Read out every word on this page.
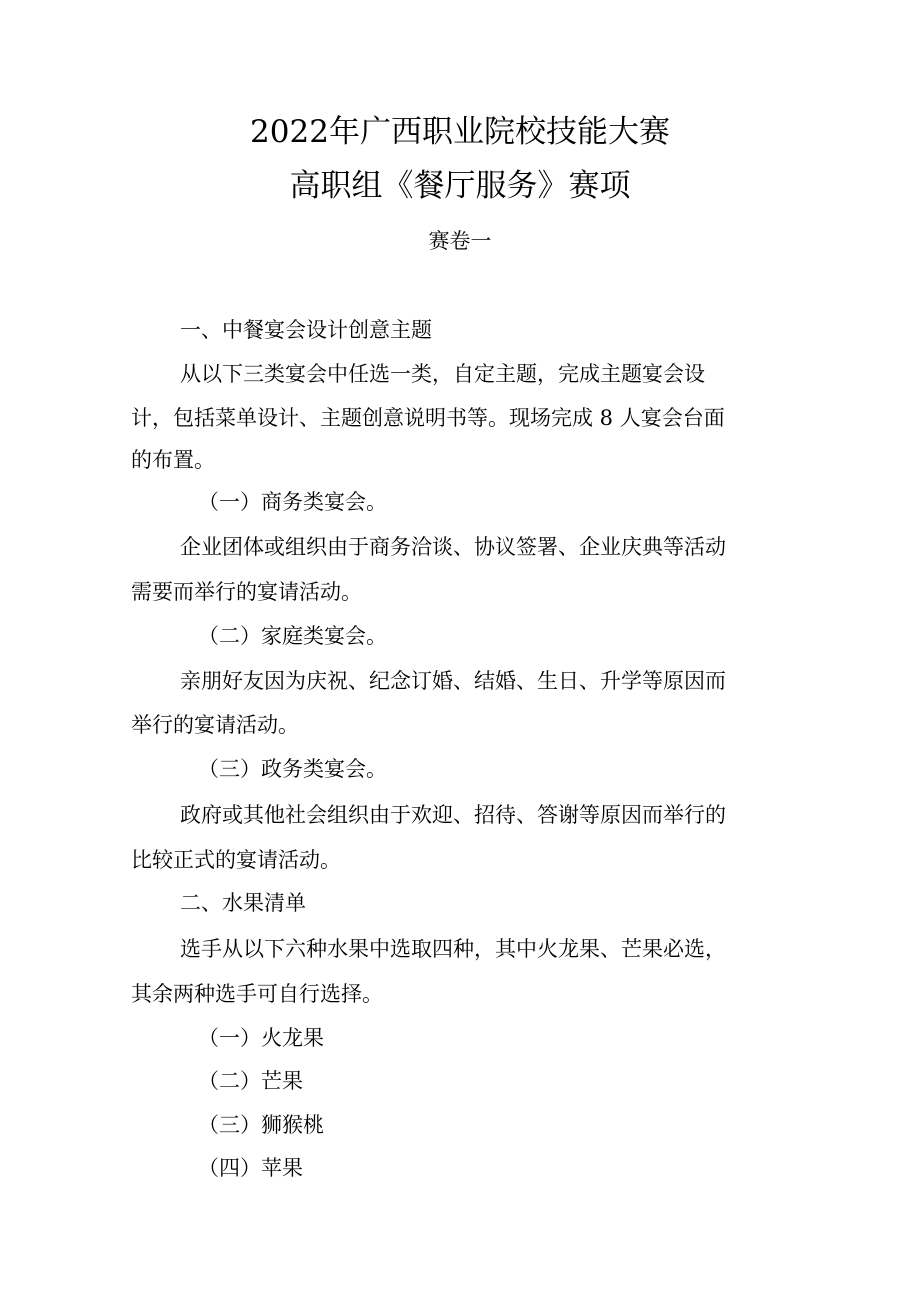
2022年广西职业院校技能大赛
高职组《餐厅服务》赛项
赛卷一
一、中餐宴会设计创意主题
从以下三类宴会中任选一类，自定主题，完成主题宴会设
计，包括菜单设计、主题创意说明书等。现场完成 8 人宴会台面
的布置。
（一）商务类宴会。
企业团体或组织由于商务洽谈、协议签署、企业庆典等活动
需要而举行的宴请活动。
（二）家庭类宴会。
亲朋好友因为庆祝、纪念订婚、结婚、生日、升学等原因而
举行的宴请活动。
（三）政务类宴会。
政府或其他社会组织由于欢迎、招待、答谢等原因而举行的
比较正式的宴请活动。
二、水果清单
选手从以下六种水果中选取四种，其中火龙果、芒果必选，
其余两种选手可自行选择。
（一）火龙果
（二）芒果
（三）狮猴桃
（四）苹果
